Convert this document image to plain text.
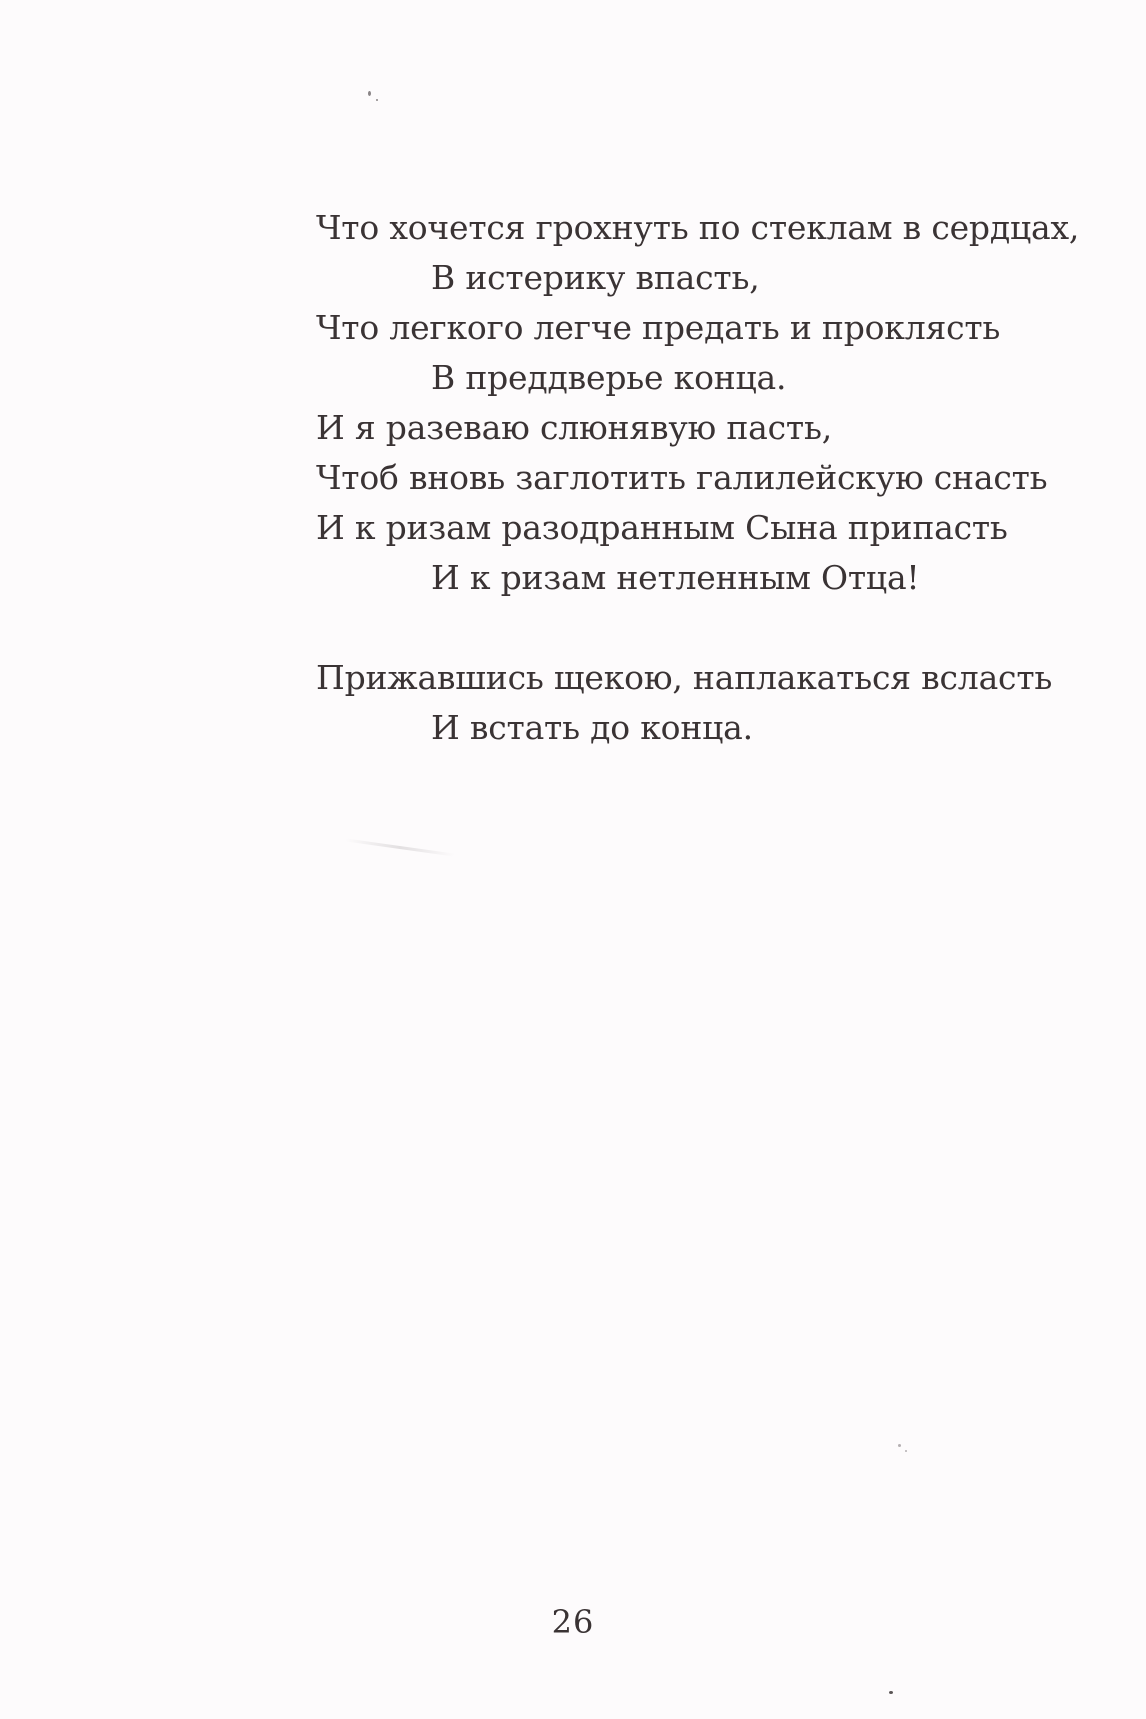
Что хочется грохнуть по стеклам в сердцах,
В истерику впасть,
Что легкого легче предать и проклясть
В преддверье конца.
И я разеваю слюнявую пасть,
Чтоб вновь заглотить галилейскую снасть
И к ризам разодранным Сына припасть
И к ризам нетленным Отца!
Прижавшись щекою, наплакаться всласть
И встать до конца.
26
